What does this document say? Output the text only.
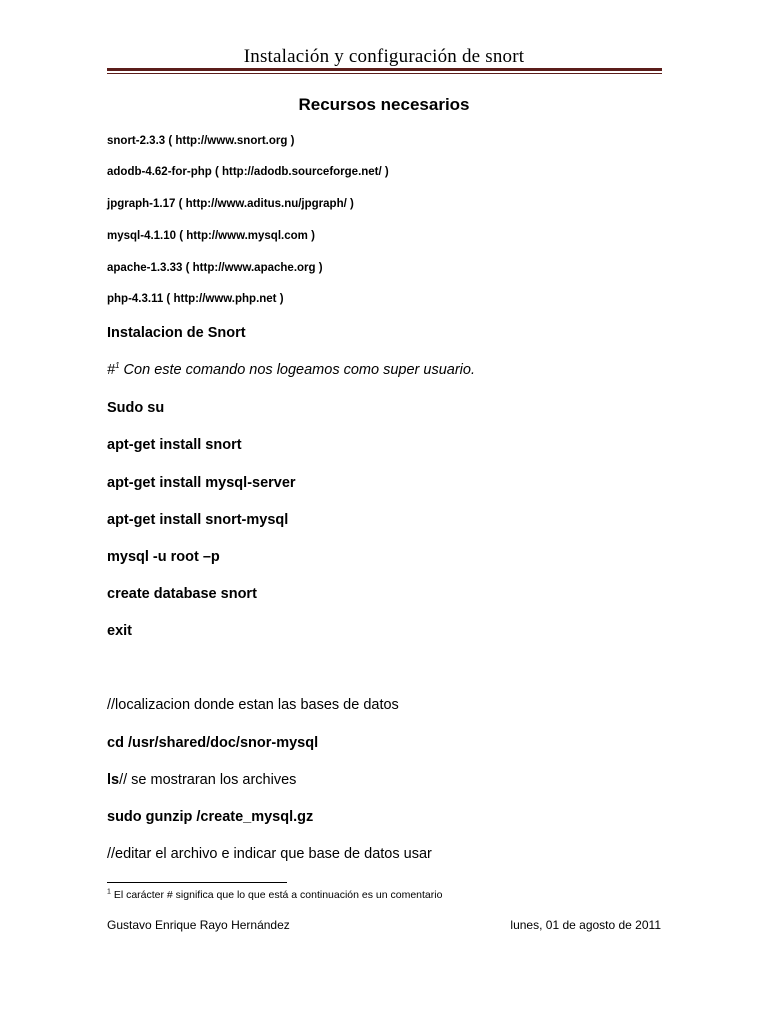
Instalación y configuración de snort
Recursos necesarios
snort-2.3.3 ( http://www.snort.org )
adodb-4.62-for-php ( http://adodb.sourceforge.net/ )
jpgraph-1.17 ( http://www.aditus.nu/jpgraph/ )
mysql-4.1.10 ( http://www.mysql.com )
apache-1.3.33 ( http://www.apache.org )
php-4.3.11 ( http://www.php.net )
Instalacion de Snort
#$^1$ Con este comando nos logeamos como super usuario.
Sudo su
apt-get install snort
apt-get install mysql-server
apt-get install snort-mysql
mysql -u root –p
create database snort
exit
//localizacion donde estan las bases de datos
cd /usr/shared/doc/snor-mysql
ls// se mostraran los archives
sudo gunzip /create_mysql.gz
//editar el archivo e indicar que base de datos usar
$^1$ El carácter # significa que lo que está a continuación es un comentario
Gustavo Enrique Rayo Hernández	lunes, 01 de agosto de 2011
